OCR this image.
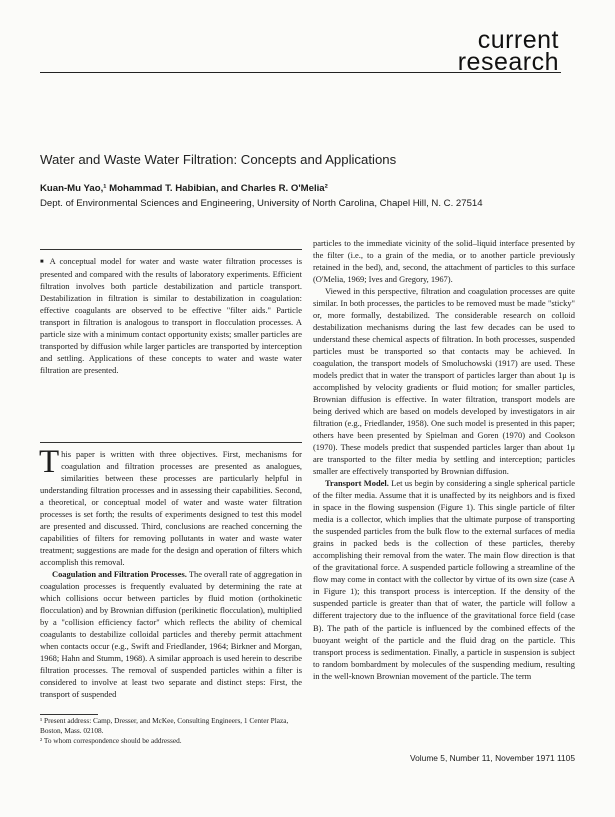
current
research
Water and Waste Water Filtration: Concepts and Applications
Kuan-Mu Yao,¹ Mohammad T. Habibian, and Charles R. O'Melia²
Dept. of Environmental Sciences and Engineering, University of North Carolina, Chapel Hill, N. C. 27514

■ A conceptual model for water and waste water filtration processes is presented and compared with the results of laboratory experiments. Efficient filtration involves both particle destabilization and particle transport. Destabilization in filtration is similar to destabilization in coagulation: effective coagulants are observed to be effective "filter aids." Particle transport in filtration is analogous to transport in flocculation processes. A particle size with a minimum contact opportunity exists; smaller particles are transported by diffusion while larger particles are transported by interception and settling. Applications of these concepts to water and waste water filtration are presented.

This paper is written with three objectives. First, mechanisms for coagulation and filtration processes are presented as analogues, similarities between these processes are particularly helpful in understanding filtration processes and in assessing their capabilities. Second, a theoretical, or conceptual model of water and waste water filtration processes is set forth; the results of experiments designed to test this model are presented and discussed. Third, conclusions are reached concerning the capabilities of filters for removing pollutants in water and waste water treatment; suggestions are made for the design and operation of filters which accomplish this removal.

Coagulation and Filtration Processes. The overall rate of aggregation in coagulation processes is frequently evaluated by determining the rate at which collisions occur between particles by fluid motion (orthokinetic flocculation) and by Brownian diffusion (perikinetic flocculation), multiplied by a "collision efficiency factor" which reflects the ability of chemical coagulants to destabilize colloidal particles and thereby permit attachment when contacts occur (e.g., Swift and Friedlander, 1964; Birkner and Morgan, 1968; Hahn and Stumm, 1968). A similar approach is used herein to describe filtration processes. The removal of suspended particles within a filter is considered to involve at least two separate and distinct steps: First, the transport of suspended

¹ Present address: Camp, Dresser, and McKee, Consulting Engineers, 1 Center Plaza, Boston, Mass. 02108.

² To whom correspondence should be addressed.

particles to the immediate vicinity of the solid–liquid interface presented by the filter (i.e., to a grain of the media, or to another particle previously retained in the bed), and, second, the attachment of particles to this surface (O'Melia, 1969; Ives and Gregory, 1967).

Viewed in this perspective, filtration and coagulation processes are quite similar. In both processes, the particles to be removed must be made "sticky" or, more formally, destabilized. The considerable research on colloid destabilization mechanisms during the last few decades can be used to understand these chemical aspects of filtration. In both processes, suspended particles must be transported so that contacts may be achieved. In coagulation, the transport models of Smoluchowski (1917) are used. These models predict that in water the transport of particles larger than about 1μ is accomplished by velocity gradients or fluid motion; for smaller particles, Brownian diffusion is effective. In water filtration, transport models are being derived which are based on models developed by investigators in air filtration (e.g., Friedlander, 1958). One such model is presented in this paper; others have been presented by Spielman and Goren (1970) and Cookson (1970). These models predict that suspended particles larger than about 1μ are transported to the filter media by settling and interception; particles smaller are effectively transported by Brownian diffusion.

Transport Model. Let us begin by considering a single spherical particle of the filter media. Assume that it is unaffected by its neighbors and is fixed in space in the flowing suspension (Figure 1). This single particle of filter media is a collector, which implies that the ultimate purpose of transporting the suspended particles from the bulk flow to the external surfaces of media grains in packed beds is the collection of these particles, thereby accomplishing their removal from the water. The main flow direction is that of the gravitational force. A suspended particle following a streamline of the flow may come in contact with the collector by virtue of its own size (case A in Figure 1); this transport process is interception. If the density of the suspended particle is greater than that of water, the particle will follow a different trajectory due to the influence of the gravitational force field (case B). The path of the particle is influenced by the combined effects of the buoyant weight of the particle and the fluid drag on the particle. This transport process is sedimentation. Finally, a particle in suspension is subject to random bombardment by molecules of the suspending medium, resulting in the well-known Brownian movement of the particle. The term

Volume 5, Number 11, November 1971 1105
